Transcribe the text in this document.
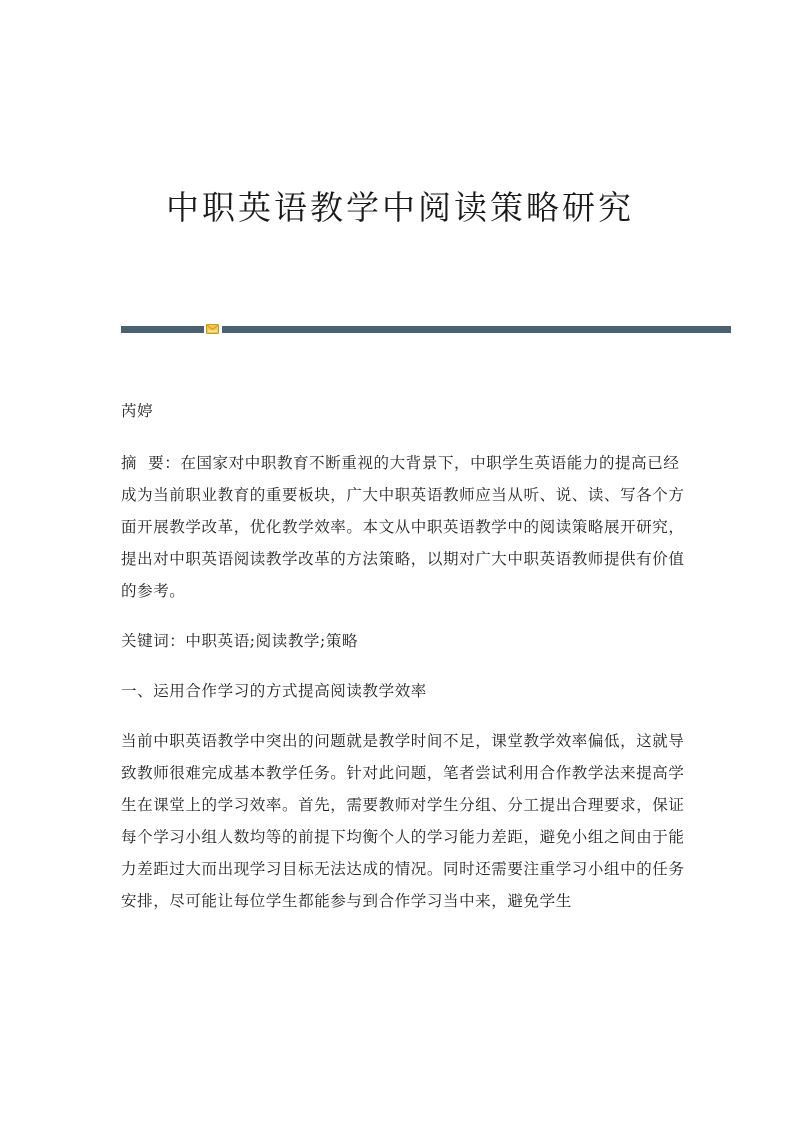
中职英语教学中阅读策略研究

芮婷

摘  要：在国家对中职教育不断重视的大背景下，中职学生英语能力的提高已经成为当前职业教育的重要板块，广大中职英语教师应当从听、说、读、写各个方面开展教学改革，优化教学效率。本文从中职英语教学中的阅读策略展开研究，提出对中职英语阅读教学改革的方法策略，以期对广大中职英语教师提供有价值的参考。

关键词：中职英语;阅读教学;策略

一、运用合作学习的方式提高阅读教学效率

当前中职英语教学中突出的问题就是教学时间不足，课堂教学效率偏低，这就导致教师很难完成基本教学任务。针对此问题，笔者尝试利用合作教学法来提高学生在课堂上的学习效率。首先，需要教师对学生分组、分工提出合理要求，保证每个学习小组人数均等的前提下均衡个人的学习能力差距，避免小组之间由于能力差距过大而出现学习目标无法达成的情况。同时还需要注重学习小组中的任务安排，尽可能让每位学生都能参与到合作学习当中来，避免学生
